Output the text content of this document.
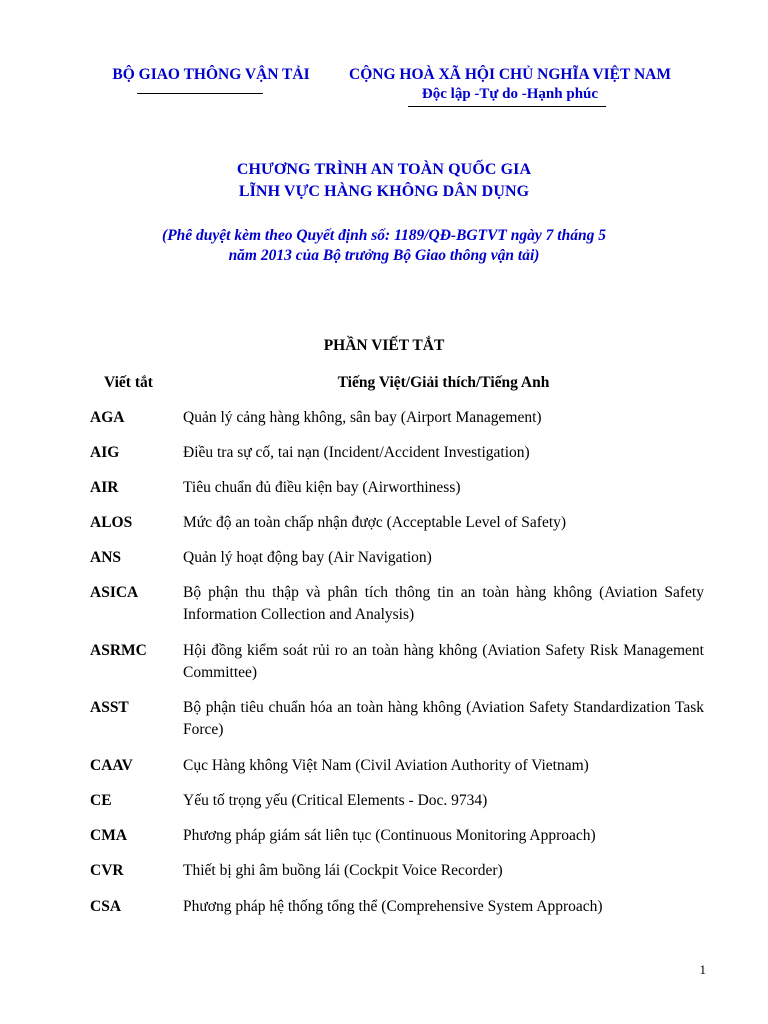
BỘ GIAO THÔNG VẬN TẢI	CỘNG HOÀ XÃ HỘI CHỦ NGHĨA VIỆT NAM
Độc lập -Tự do -Hạnh phúc
CHƯƠNG TRÌNH AN TOÀN QUỐC GIA
LĨNH VỰC HÀNG KHÔNG DÂN DỤNG
(Phê duyệt kèm theo Quyết định số: 1189/QĐ-BGTVT ngày 7 tháng 5
năm 2013 của Bộ trưởng Bộ Giao thông vận tải)
PHẦN VIẾT TẮT
Viết tắt	Tiếng Việt/Giải thích/Tiếng Anh
AGA	Quản lý cảng hàng không, sân bay (Airport Management)
AIG	Điều tra sự cố, tai nạn (Incident/Accident Investigation)
AIR	Tiêu chuẩn đủ điều kiện bay (Airworthiness)
ALOS	Mức độ an toàn chấp nhận được (Acceptable Level of Safety)
ANS	Quản lý hoạt động bay (Air Navigation)
ASICA	Bộ phận thu thập và phân tích thông tin an toàn hàng không (Aviation Safety Information Collection and Analysis)
ASRMC Hội đồng kiểm soát rủi ro an toàn hàng không (Aviation Safety Risk Management Committee)
ASST	Bộ phận tiêu chuẩn hóa an toàn hàng không (Aviation Safety Standardization Task Force)
CAAV	Cục Hàng không Việt Nam (Civil Aviation Authority of Vietnam)
CE	Yếu tố trọng yếu (Critical Elements - Doc. 9734)
CMA	Phương pháp giám sát liên tục (Continuous Monitoring Approach)
CVR	Thiết bị ghi âm buồng lái (Cockpit Voice Recorder)
CSA	Phương pháp hệ thống tổng thể (Comprehensive System Approach)
1
